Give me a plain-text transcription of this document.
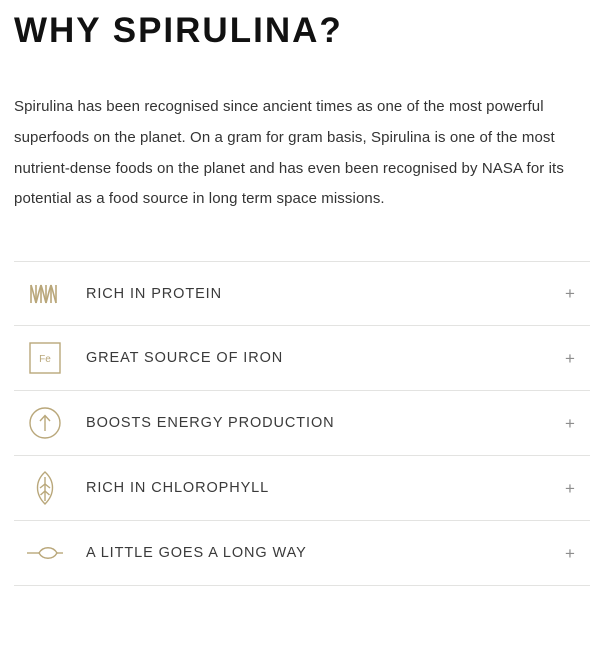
WHY SPIRULINA?

Spirulina has been recognised since ancient times as one of the most powerful superfoods on the planet. On a gram for gram basis, Spirulina is one of the most nutrient-dense foods on the planet and has even been recognised by NASA for its potential as a food source in long term space missions.

RICH IN PROTEIN	+
Fe	GREAT SOURCE OF IRON	+
BOOSTS ENERGY PRODUCTION	+
RICH IN CHLOROPHYLL	+
A LITTLE GOES A LONG WAY	+
